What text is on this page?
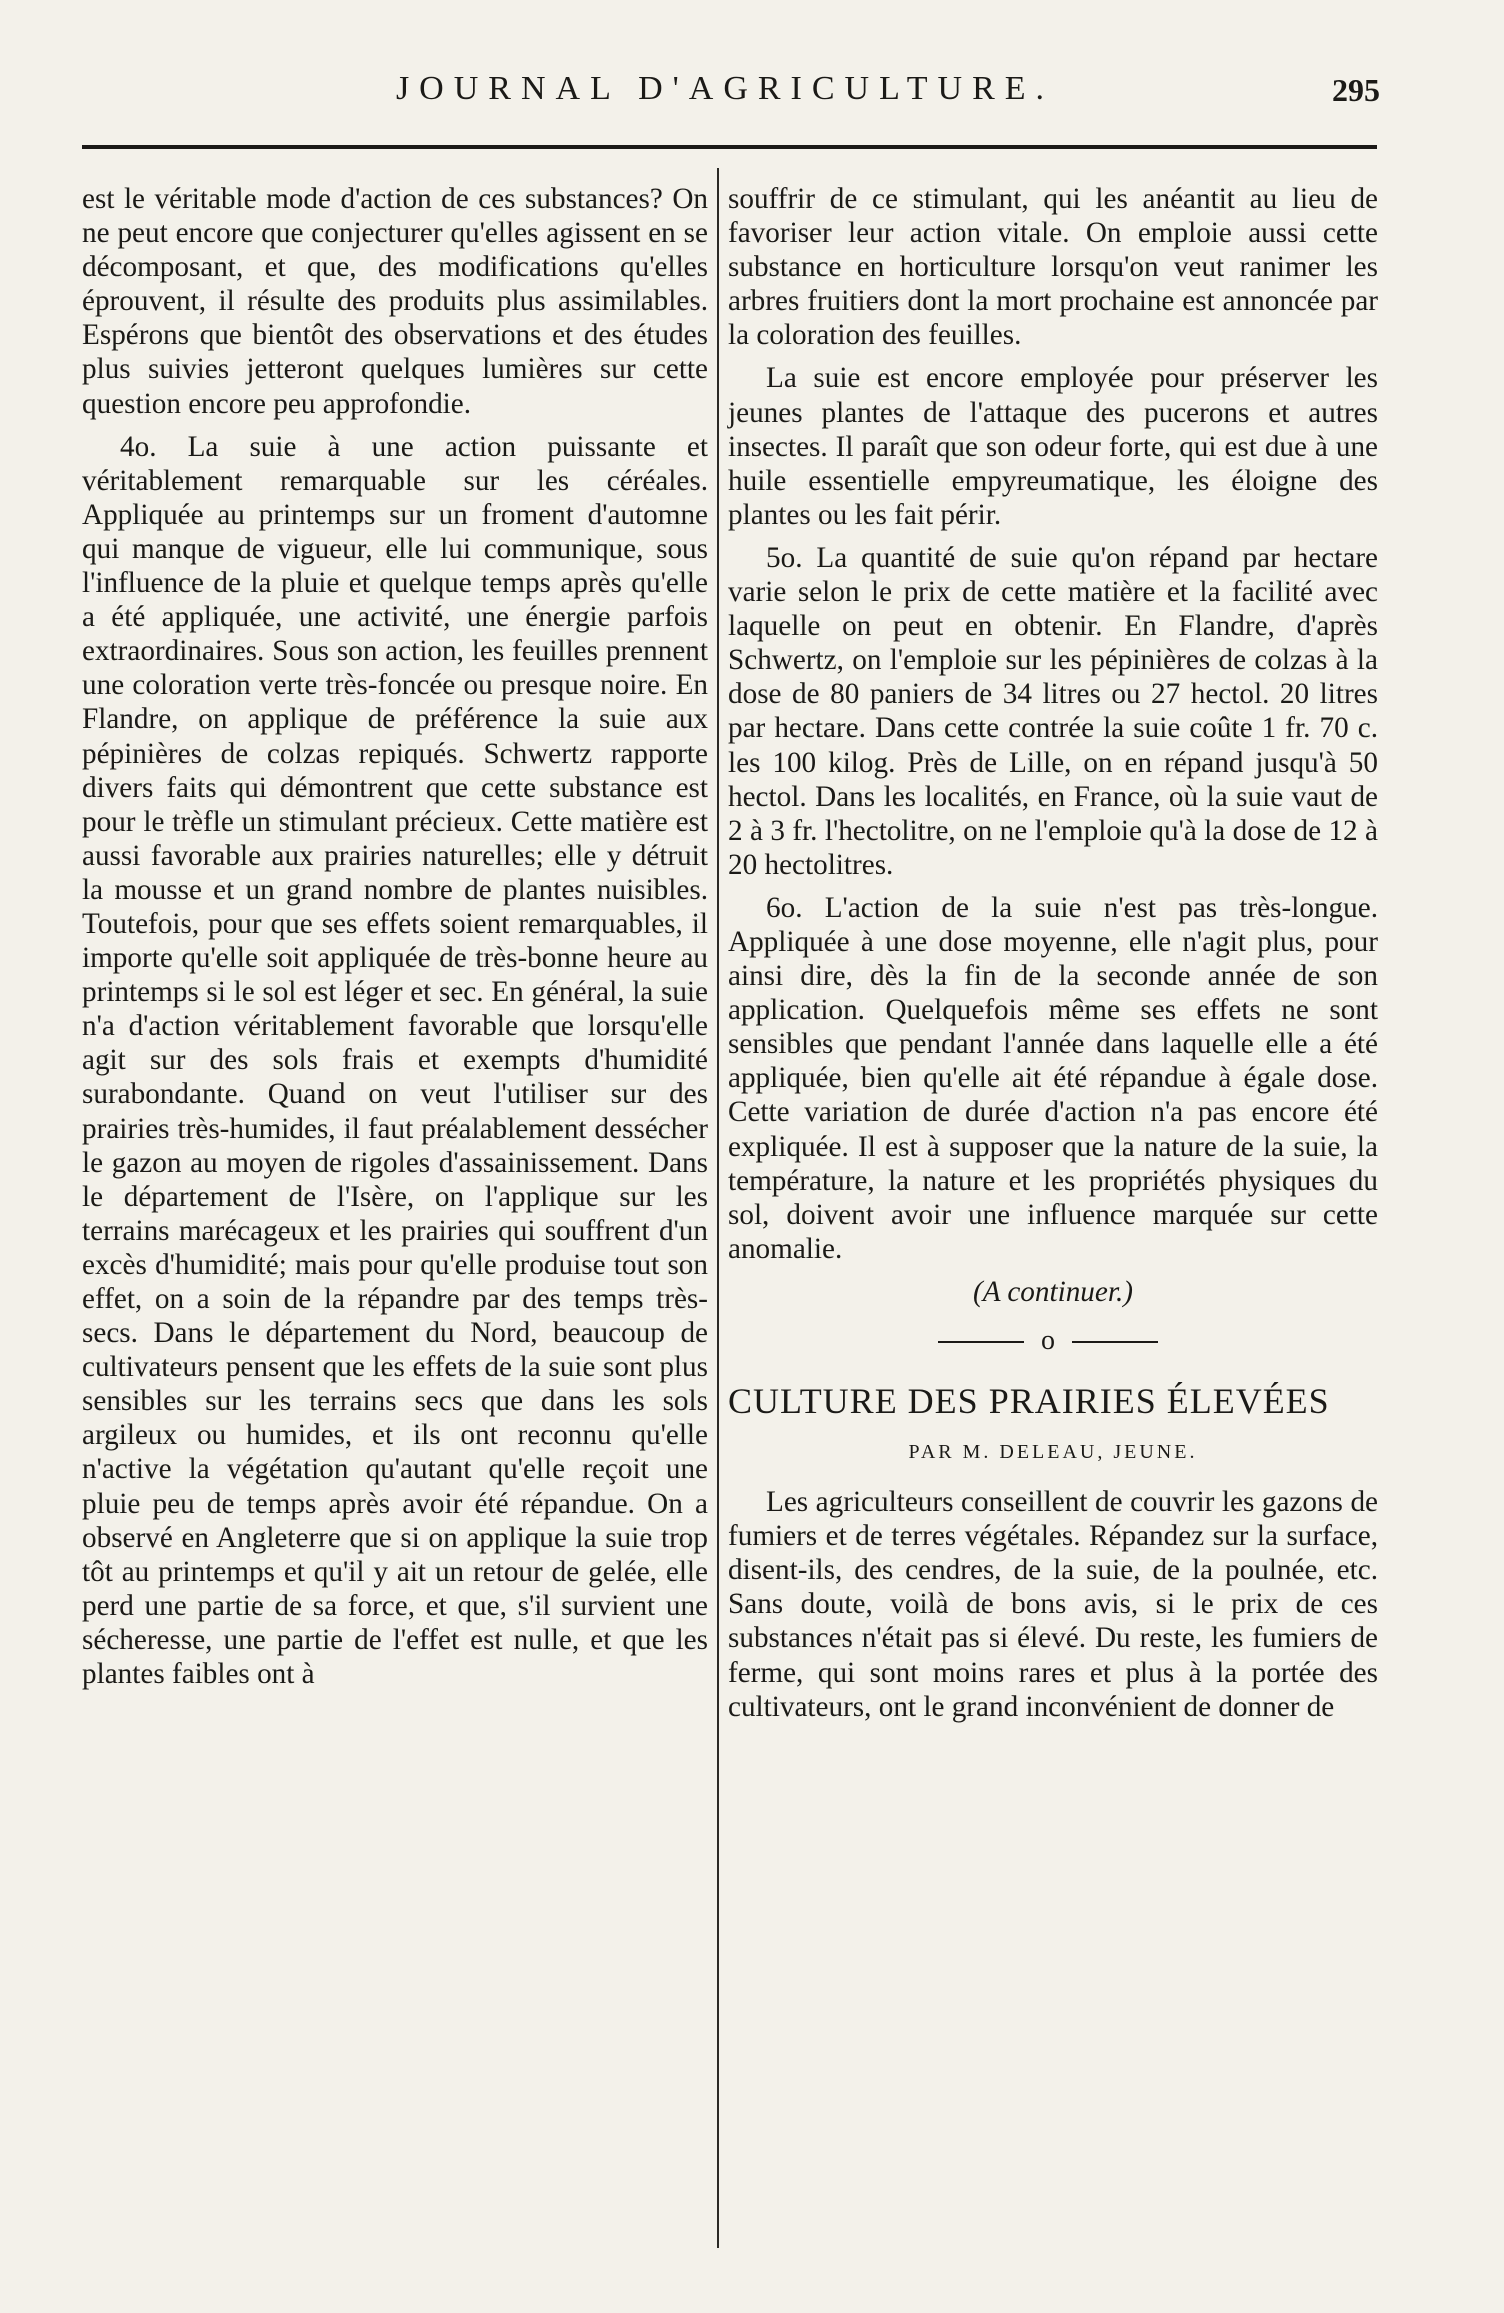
JOURNAL D'AGRICULTURE.	295

est le véritable mode d'action de ces substances? On ne peut encore que conjecturer qu'elles agissent en se décomposant, et que, des modifications qu'elles éprouvent, il résulte des produits plus assimilables. Espérons que bientôt des observations et des études plus suivies jetteront quelques lumières sur cette question encore peu approfondie.

4o. La suie à une action puissante et véritablement remarquable sur les céréales. Appliquée au printemps sur un froment d'automne qui manque de vigueur, elle lui communique, sous l'influence de la pluie et quelque temps après qu'elle a été appliquée, une activité, une énergie parfois extraordinaires. Sous son action, les feuilles prennent une coloration verte très-foncée ou presque noire. En Flandre, on applique de préférence la suie aux pépinières de colzas repiqués. Schwertz rapporte divers faits qui démontrent que cette substance est pour le trèfle un stimulant précieux. Cette matière est aussi favorable aux prairies naturelles; elle y détruit la mousse et un grand nombre de plantes nuisibles. Toutefois, pour que ses effets soient remarquables, il importe qu'elle soit appliquée de très-bonne heure au printemps si le sol est léger et sec. En général, la suie n'a d'action véritablement favorable que lorsqu'elle agit sur des sols frais et exempts d'humidité surabondante. Quand on veut l'utiliser sur des prairies très-humides, il faut préalablement dessécher le gazon au moyen de rigoles d'assainissement. Dans le département de l'Isère, on l'applique sur les terrains marécageux et les prairies qui souffrent d'un excès d'humidité; mais pour qu'elle produise tout son effet, on a soin de la répandre par des temps très-secs. Dans le département du Nord, beaucoup de cultivateurs pensent que les effets de la suie sont plus sensibles sur les terrains secs que dans les sols argileux ou humides, et ils ont reconnu qu'elle n'active la végétation qu'autant qu'elle reçoit une pluie peu de temps après avoir été répandue. On a observé en Angleterre que si on applique la suie trop tôt au printemps et qu'il y ait un retour de gelée, elle perd une partie de sa force, et que, s'il survient une sécheresse, une partie de l'effet est nulle, et que les plantes faibles ont à

souffrir de ce stimulant, qui les anéantit au lieu de favoriser leur action vitale. On emploie aussi cette substance en horticulture lorsqu'on veut ranimer les arbres fruitiers dont la mort prochaine est annoncée par la coloration des feuilles.

La suie est encore employée pour préserver les jeunes plantes de l'attaque des pucerons et autres insectes. Il paraît que son odeur forte, qui est due à une huile essentielle empyreumatique, les éloigne des plantes ou les fait périr.

5o. La quantité de suie qu'on répand par hectare varie selon le prix de cette matière et la facilité avec laquelle on peut en obtenir. En Flandre, d'après Schwertz, on l'emploie sur les pépinières de colzas à la dose de 80 paniers de 34 litres ou 27 hectol. 20 litres par hectare. Dans cette contrée la suie coûte 1 fr. 70 c. les 100 kilog. Près de Lille, on en répand jusqu'à 50 hectol. Dans les localités, en France, où la suie vaut de 2 à 3 fr. l'hectolitre, on ne l'emploie qu'à la dose de 12 à 20 hectolitres.

6o. L'action de la suie n'est pas très-longue. Appliquée à une dose moyenne, elle n'agit plus, pour ainsi dire, dès la fin de la seconde année de son application. Quelquefois même ses effets ne sont sensibles que pendant l'année dans laquelle elle a été appliquée, bien qu'elle ait été répandue à égale dose. Cette variation de durée d'action n'a pas encore été expliquée. Il est à supposer que la nature de la suie, la température, la nature et les propriétés physiques du sol, doivent avoir une influence marquée sur cette anomalie.

(A continuer.)
o
CULTURE DES PRAIRIES ÉLEVÉES
PAR M. DELEAU, JEUNE.

Les agriculteurs conseillent de couvrir les gazons de fumiers et de terres végétales. Répandez sur la surface, disent-ils, des cendres, de la suie, de la poulnée, etc. Sans doute, voilà de bons avis, si le prix de ces substances n'était pas si élevé. Du reste, les fumiers de ferme, qui sont moins rares et plus à la portée des cultivateurs, ont le grand inconvénient de donner de
